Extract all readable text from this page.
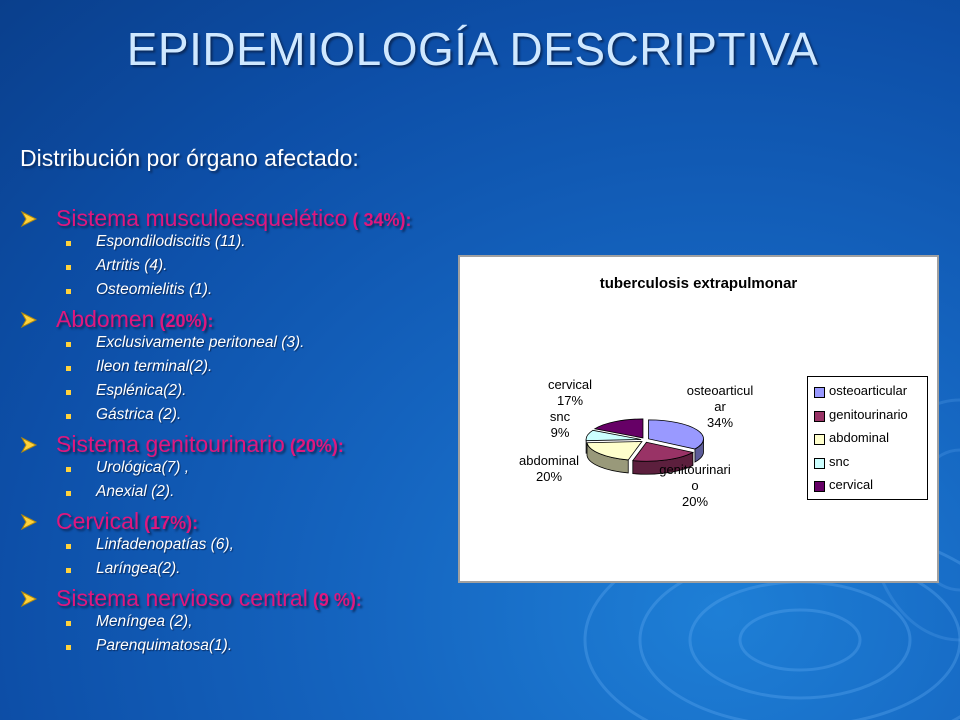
EPIDEMIOLOGÍA DESCRIPTIVA
Distribución por órgano afectado:
Sistema musculoesquelético ( 34%):
Espondilodiscitis (11).
Artritis (4).
Osteomielitis (1).
Abdomen (20%):
Exclusivamente peritoneal (3).
Ileon terminal(2).
Esplénica(2).
Gástrica (2).
Sistema genitourinario (20%):
Urológica(7) ,
Anexial (2).
Cervical (17%):
Linfadenopatías (6),
Laríngea(2).
Sistema nervioso central (9 %):
Meníngea (2),
Parenquimatosa(1).
tuberculosis extrapulmonar
osteoarticul
ar
34%
genitourinari
o
20%
abdominal
20%
snc
9%
cervical
17%
osteoarticular
genitourinario
abdominal
snc
cervical
